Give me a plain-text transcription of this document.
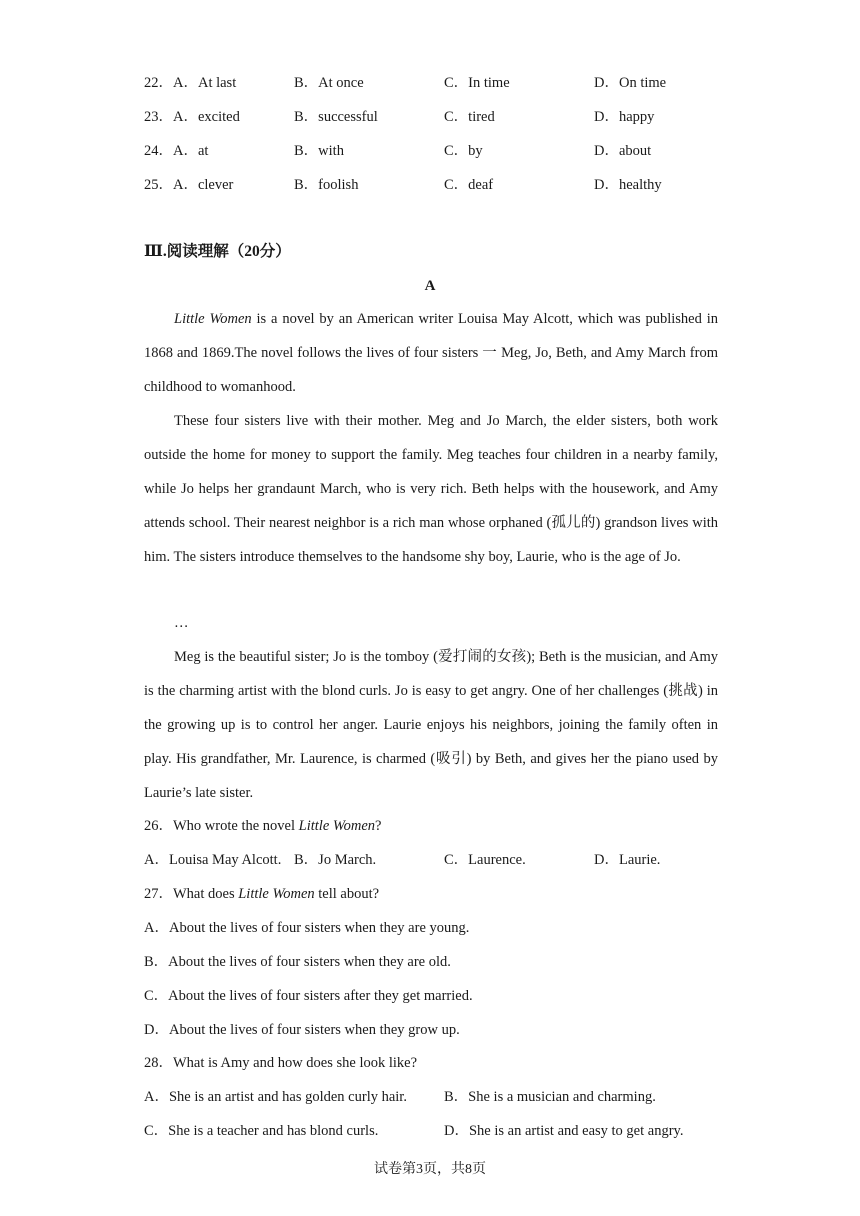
22．A．At last	B．At once	C．In time	D．On time
23．A．excited	B．successful	C．tired	D．happy
24．A．at	B．with	C．by	D．about
25．A．clever	B．foolish	C．deaf	D．healthy
Ⅲ.阅读理解（20分）
A

Little Women is a novel by an American writer Louisa May Alcott, which was published in 1868 and 1869.The novel follows the lives of four sisters 一 Meg, Jo, Beth, and Amy March from childhood to womanhood.

These four sisters live with their mother. Meg and Jo March, the elder sisters, both work outside the home for money to support the family. Meg teaches four children in a nearby family, while Jo helps her grandaunt March, who is very rich. Beth helps with the housework, and Amy attends school. Their nearest neighbor is a rich man whose orphaned (孤儿的) grandson lives with him. The sisters introduce themselves to the handsome shy boy, Laurie, who is the age of Jo.

…

Meg is the beautiful sister; Jo is the tomboy (爱打闹的女孩); Beth is the musician, and Amy is the charming artist with the blond curls. Jo is easy to get angry. One of her challenges (挑战) in the growing up is to control her anger. Laurie enjoys his neighbors, joining the family often in play. His grandfather, Mr. Laurence, is charmed (吸引) by Beth, and gives her the piano used by Laurie’s late sister.

26．Who wrote the novel Little Women?
A．Louisa May Alcott. B．Jo March.	C．Laurence.	D．Laurie.
27．What does Little Women tell about?
A．About the lives of four sisters when they are young.
B．About the lives of four sisters when they are old.
C．About the lives of four sisters after they get married.
D．About the lives of four sisters when they grow up.
28．What is Amy and how does she look like?
A．She is an artist and has golden curly hair.	B．She is a musician and charming.
C．She is a teacher and has blond curls.	D．She is an artist and easy to get angry.
试卷第3页，共8页
